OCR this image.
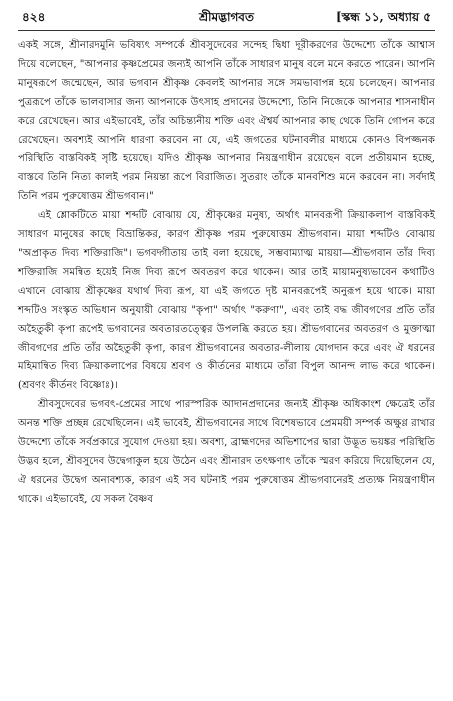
৪২৪	শ্রীমদ্ভাগবত	[স্কন্ধ ১১, অধ্যায় ৫

একই সঙ্গে, শ্রীনারদমুনি ভবিষ্যৎ সম্পর্কে শ্রীবসুদেবের সন্দেহ দ্বিধা দূরীকরণের উদ্দেশ্যে তাঁকে আশ্বাস দিয়ে বলেছেন, "আপনার কৃষ্ণপ্রেমের জন্যই আপনি তাঁকে সাধারণ মানুষ বলে মনে করতে পারেন। আপনি মানুষরূপে জন্মেছেন, আর ভগবান শ্রীকৃষ্ণ কেবলই আপনার সঙ্গে সমভাবাপন্ন হয়ে চলেছেন। আপনার পুত্ররূপে তাঁকে ভালবাসার জন্য আপনাকে উৎসাহ প্রদানের উদ্দেশ্যে, তিনি নিজেকে আপনার শাসনাধীন করে রেখেছেন। আর এইভাবেই, তাঁর অচিন্ত্যনীয় শক্তি এবং ঐশ্বর্য আপনার কাছ থেকে তিনি গোপন করে রেখেছেন। অবশ্যই আপনি ধারণা করবেন না যে, এই জগতের ঘটনাবলীর মাধ্যমে কোনও বিপজ্জনক পরিস্থিতি বাস্তবিকই সৃষ্টি হয়েছে। যদিও শ্রীকৃষ্ণ আপনার নিয়ন্ত্রণাধীন রয়েছেন বলে প্রতীয়মান হচ্ছে, বাস্তবে তিনি নিত্য কালই পরম নিয়ন্তা রূপে বিরাজিত। সুতরাং তাঁকে মানবশিশু মনে করবেন না। সর্বদাই তিনি পরম পুরুষোত্তম শ্রীভগবান।"

এই শ্লোকটিতে মায়া শব্দটি বোঝায় যে, শ্রীকৃষ্ণের মনুষ্য, অর্থাৎ মানবরূপী ক্রিয়াকলাপ বাস্তবিকই সাধারণ মানুষের কাছে বিভ্রান্তিকর, কারণ শ্রীকৃষ্ণ পরম পুরুষোত্তম শ্রীভগবান। মায়া শব্দটিও বোঝায় "অপ্রাকৃত দিব্য শক্তিরাজি"। ভগবদ্গীতায় তাই বলা হয়েছে, সম্ভবাম্যাত্ম মায়য়া—শ্রীভগবান তাঁর দিব্য শক্তিরাজি সমন্বিত হয়েই নিজ দিব্য রূপে অবতরণ করে থাকেন। আর তাই মায়ামনুষ্যভাবেন কথাটিও এখানে বোঝায় শ্রীকৃষ্ণের যথার্থ দিব্য রূপ, যা এই জগতে দৃষ্ট মানবরূপেই অনুরূপ হয়ে থাকে। মায়া শব্দটিও সংস্কৃত অভিধান অনুযায়ী বোঝায় "কৃপা" অর্থাৎ "করুণা", এবং তাই বদ্ধ জীবগণের প্রতি তাঁর অহৈতুকী কৃপা রূপেই ভগবানের অবতারতত্ত্বের উপলব্ধি করতে হয়। শ্রীভগবানের অবতরণ ও মুক্তাত্মা জীবগণের প্রতি তাঁর অহৈতুকী কৃপা, কারণ শ্রীভগবানের অবতার-লীলায় যোগদান করে এবং ঐ ধরনের মহিমান্বিত দিব্য ক্রিয়াকলাপের বিষয়ে শ্রবণ ও কীর্তনের মাধ্যমে তাঁরা বিপুল আনন্দ লাভ করে থাকেন। (শ্রবণং কীর্তনং বিষ্ণোঃ)।

শ্রীবসুদেবের ভগবৎ-প্রেমের সাথে পারস্পরিক আদানপ্রদানের জন্যই শ্রীকৃষ্ণ অধিকাংশ ক্ষেত্রেই তাঁর অনন্ত শক্তি প্রচ্ছন্ন রেখেছিলেন। এই ভাবেই, শ্রীভগবানের সাথে বিশেষভাবে প্রেমময়ী সম্পর্ক অক্ষুণ্ণ রাখার উদ্দেশ্যে তাঁকে সর্বপ্রকারে সুযোগ দেওয়া হয়। অবশ্য, ব্রাহ্মণদের অভিশাপের দ্বারা উদ্ভূত ভয়ঙ্কর পরিস্থিতি উদ্ভব হলে, শ্রীবসুদেব উদ্বেগাকুল হয়ে উঠেন এবং শ্রীনারদ তৎক্ষণাৎ তাঁকে স্মরণ করিয়ে দিয়েছিলেন যে, ঐ ধরনের উদ্বেগ অনাবশ্যক, কারণ এই সব ঘটনাই পরম পুরুষোত্তম শ্রীভগবানেরই প্রত্যক্ষ নিয়ন্ত্রণাধীন থাকে। এইভাবেই, যে সকল বৈষ্ণব
